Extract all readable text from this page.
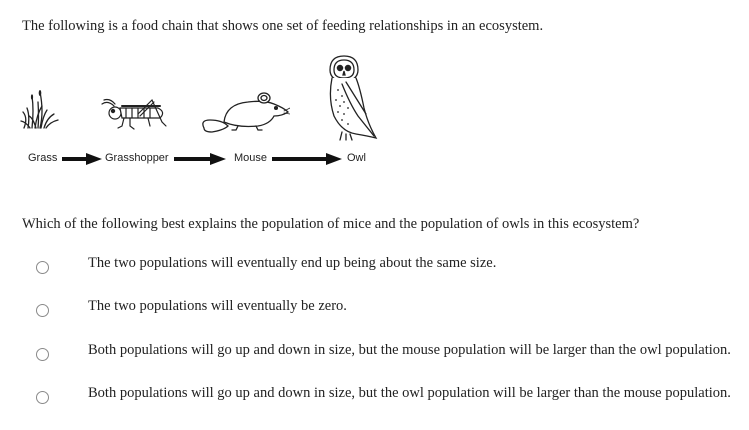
The following is a food chain that shows one set of feeding relationships in an ecosystem.
Grass	Grasshopper	Mouse	Owl
Which of the following best explains the population of mice and the population of owls in this ecosystem?
The two populations will eventually end up being about the same size.
The two populations will eventually be zero.
Both populations will go up and down in size, but the mouse population will be larger than the owl population.
Both populations will go up and down in size, but the owl population will be larger than the mouse population.
